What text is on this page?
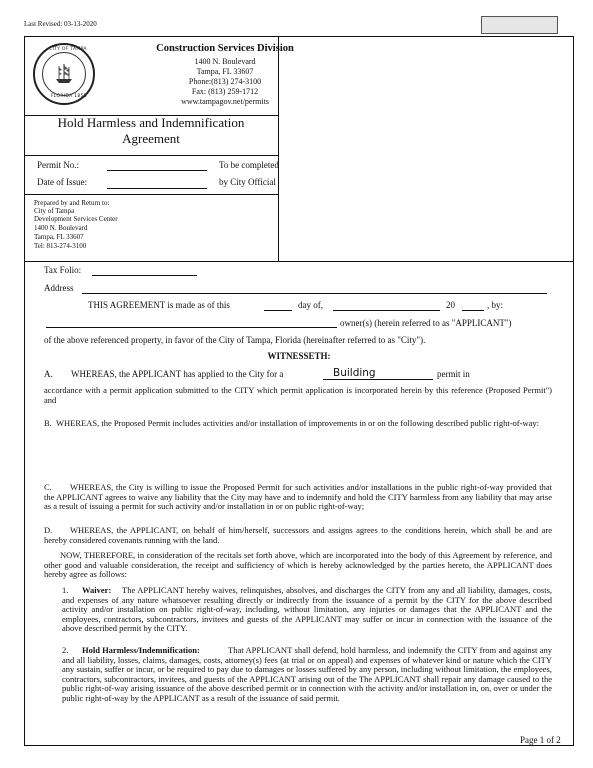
Last Revised: 03-13-2020
CITY OF TAMPA
FLORIDA 1855
Construction Services Division
1400 N. Boulevard
Tampa, FL 33607
Phone:(813) 274-3100
Fax: (813) 259-1712
www.tampagov.net/permits
Hold Harmless and Indemnification
Agreement
Permit No.:	To be completed
Date of Issue:	by City Official
Prepared by and Return to:
City of Tampa
Development Services Center
1400 N. Boulevard
Tampa, FL 33607
Tel: 813-274-3100
Tax Folio:
Address
THIS AGREEMENT is made as of this	day of,	20	, by:
owner(s) (herein referred to as "APPLICANT")
of the above referenced property, in favor of the City of Tampa, Florida (hereinafter referred to as "City").
WITNESSETH:
A. WHEREAS, the APPLICANT has applied to the City for a	Building	permit in
accordance with a permit application submitted to the CITY which permit application is incorporated herein by this reference (Proposed Permit") and
B. WHEREAS, the Proposed Permit includes activities and/or installation of improvements in or on the following described public right-of-way:
C.	WHEREAS, the City is willing to issue the Proposed Permit for such activities and/or installations in the public right-of-way provided that the APPLICANT agrees to waive any liability that the City may have and to indemnify and hold the CITY harmless from any liability that may arise as a result of issuing a permit for such activity and/or installation in or on public right-of-way;
D.	WHEREAS, the APPLICANT, on behalf of him/herself, successors and assigns agrees to the conditions herein, which shall be and are hereby considered covenants running with the land.
NOW, THEREFORE, in consideration of the recitals set forth above, which are incorporated into the body of this Agreement by reference, and other good and valuable consideration, the receipt and sufficiency of which is hereby acknowledged by the parties hereto, the APPLICANT does hereby agree as follows:
1. Waiver:	The APPLICANT hereby waives, relinquishes, absolves, and discharges the CITY from any and all liability, damages, costs, and expenses of any nature whatsoever resulting directly or indirectly from the issuance of a permit by the CITY for the above described activity and/or installation on public right-of-way, including, without limitation, any injuries or damages that the APPLICANT and the employees, contractors, subcontractors, invitees and guests of the APPLICANT may suffer or incur in connection with the issuance of the above described permit by the CITY.
2. Hold Harmless/Indemnification:	That APPLICANT shall defend, hold harmless, and indemnify the CITY from and against any and all liability, losses, claims, damages, costs, attorney(s) fees (at trial or on appeal) and expenses of whatever kind or nature which the CITY any sustain, suffer or incur, or be required to pay due to damages or losses suffered by any person, including without limitation, the employees, contractors, subcontractors, invitees, and guests of the APPLICANT arising out of the The APPLICANT shall repair any damage caused to the public right-of-way arising issuance of the above described permit or in connection with the activity and/or installation in, on, over or under the public right-of-way by the APPLICANT as a result of the issuance of said permit.
Page 1 of 2
